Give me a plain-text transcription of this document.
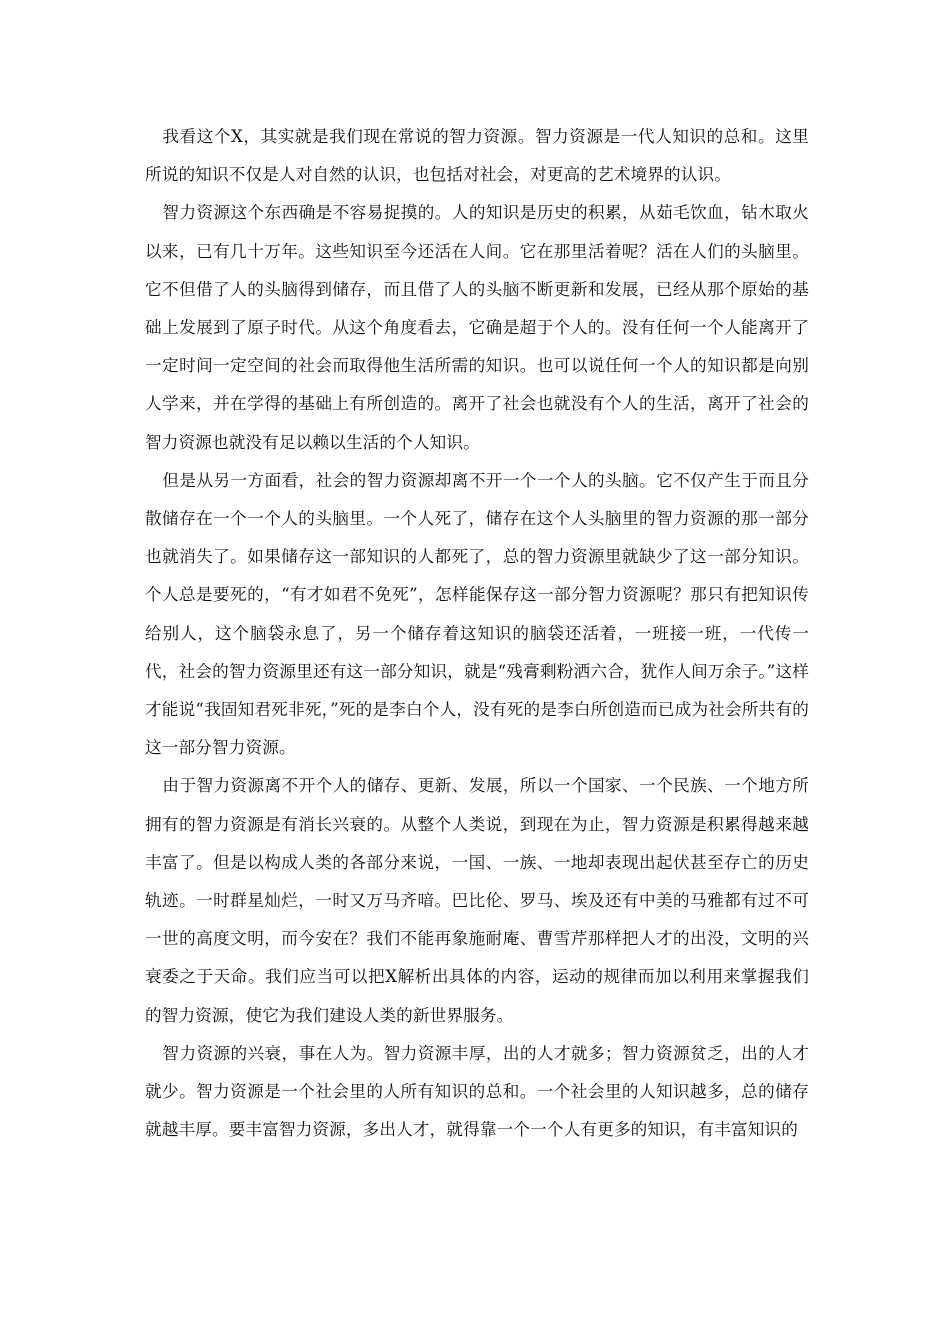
我看这个X，其实就是我们现在常说的智力资源。智力资源是一代人知识的总和。这里所说的知识不仅是人对自然的认识，也包括对社会，对更高的艺术境界的认识。

智力资源这个东西确是不容易捉摸的。人的知识是历史的积累，从茹毛饮血，钻木取火以来，已有几十万年。这些知识至今还活在人间。它在那里活着呢？活在人们的头脑里。它不但借了人的头脑得到储存，而且借了人的头脑不断更新和发展，已经从那个原始的基础上发展到了原子时代。从这个角度看去，它确是超于个人的。没有任何一个人能离开了一定时间一定空间的社会而取得他生活所需的知识。也可以说任何一个人的知识都是向别人学来，并在学得的基础上有所创造的。离开了社会也就没有个人的生活，离开了社会的智力资源也就没有足以赖以生活的个人知识。

但是从另一方面看，社会的智力资源却离不开一个一个人的头脑。它不仅产生于而且分散储存在一个一个人的头脑里。一个人死了，储存在这个人头脑里的智力资源的那一部分也就消失了。如果储存这一部知识的人都死了，总的智力资源里就缺少了这一部分知识。个人总是要死的，“有才如君不免死”，怎样能保存这一部分智力资源呢？那只有把知识传给别人，这个脑袋永息了，另一个储存着这知识的脑袋还活着，一班接一班，一代传一代，社会的智力资源里还有这一部分知识，就是“残膏剩粉洒六合，犹作人间万余子。”这样才能说“我固知君死非死，”死的是李白个人，没有死的是李白所创造而已成为社会所共有的这一部分智力资源。

由于智力资源离不开个人的储存、更新、发展，所以一个国家、一个民族、一个地方所拥有的智力资源是有消长兴衰的。从整个人类说，到现在为止，智力资源是积累得越来越丰富了。但是以构成人类的各部分来说，一国、一族、一地却表现出起伏甚至存亡的历史轨迹。一时群星灿烂，一时又万马齐喑。巴比伦、罗马、埃及还有中美的马雅都有过不可一世的高度文明，而今安在？我们不能再象施耐庵、曹雪芹那样把人才的出没，文明的兴衰委之于天命。我们应当可以把X解析出具体的内容，运动的规律而加以利用来掌握我们的智力资源，使它为我们建设人类的新世界服务。

智力资源的兴衰，事在人为。智力资源丰厚，出的人才就多；智力资源贫乏，出的人才就少。智力资源是一个社会里的人所有知识的总和。一个社会里的人知识越多，总的储存就越丰厚。要丰富智力资源，多出人才，就得靠一个一个人有更多的知识，有丰富知识的
